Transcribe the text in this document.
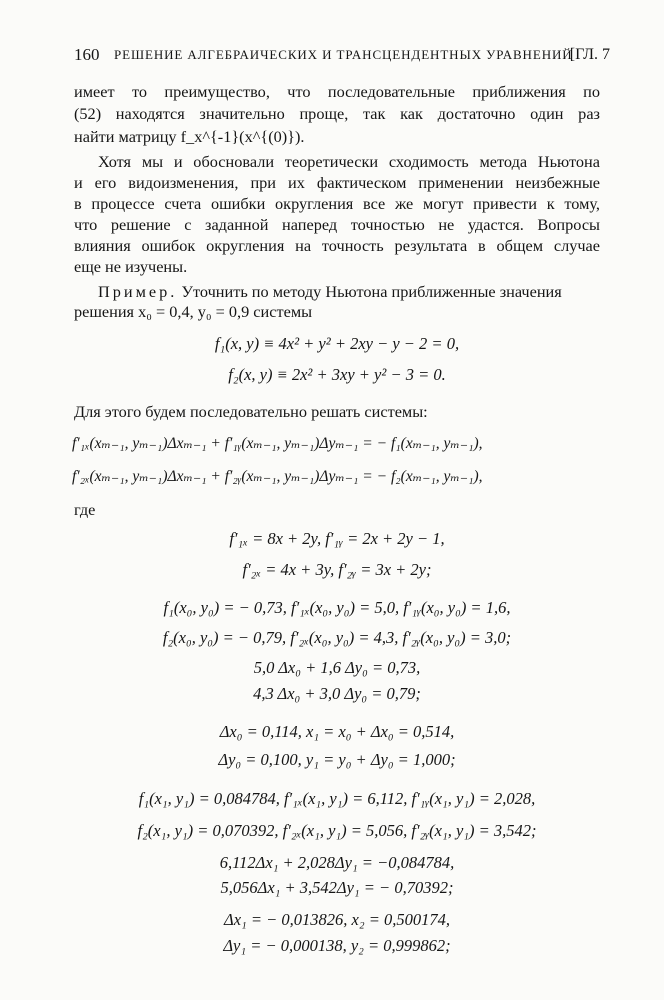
160 РЕШЕНИЕ АЛГЕБРАИЧЕСКИХ И ТРАНСЦЕНДЕНТНЫХ УРАВНЕНИЙ
[ГЛ. 7
имеет то преимущество, что последовательные приближения по
(52) находятся значительно проще, так как достаточно один раз
найти матрицу f_x^{-1}(x^{(0)}).
Хотя мы и обосновали теоретически сходимость метода Ньютона
и его видоизменения, при их фактическом применении неизбежные
в процессе счета ошибки округления все же могут привести к тому,
что решение с заданной наперед точностью не удастся. Вопросы
влияния ошибок округления на точность результата в общем случае
еще не изучены.
Пример. Уточнить по методу Ньютона приближенные значения
решения x₀ = 0,4, y₀ = 0,9 системы
f₁(x, y) ≡ 4x² + y² + 2xy − y − 2 = 0,
f₂(x, y) ≡ 2x² + 3xy + y² − 3 = 0.
Для этого будем последовательно решать системы:
f′₁ₓ(xₘ₋₁, yₘ₋₁)Δxₘ₋₁ + f′₁ᵧ(xₘ₋₁, yₘ₋₁)Δyₘ₋₁ = − f₁(xₘ₋₁, yₘ₋₁),
f′₂ₓ(xₘ₋₁, yₘ₋₁)Δxₘ₋₁ + f′₂ᵧ(xₘ₋₁, yₘ₋₁)Δyₘ₋₁ = − f₂(xₘ₋₁, yₘ₋₁),
где
f′₁ₓ = 8x + 2y, f′₁ᵧ = 2x + 2y − 1,
f′₂ₓ = 4x + 3y, f′₂ᵧ = 3x + 2y;
f₁(x₀, y₀) = − 0,73, f′₁ₓ(x₀, y₀) = 5,0, f′₁ᵧ(x₀, y₀) = 1,6,
f₂(x₀, y₀) = − 0,79, f′₂ₓ(x₀, y₀) = 4,3, f′₂ᵧ(x₀, y₀) = 3,0;
5,0 Δx₀ + 1,6 Δy₀ = 0,73,
4,3 Δx₀ + 3,0 Δy₀ = 0,79;
Δx₀ = 0,114, x₁ = x₀ + Δx₀ = 0,514,
Δy₀ = 0,100, y₁ = y₀ + Δy₀ = 1,000;
f₁(x₁, y₁) = 0,084784, f′₁ₓ(x₁, y₁) = 6,112, f′₁ᵧ(x₁, y₁) = 2,028,
f₂(x₁, y₁) = 0,070392, f′₂ₓ(x₁, y₁) = 5,056, f′₂ᵧ(x₁, y₁) = 3,542;
6,112Δx₁ + 2,028Δy₁ = −0,084784,
5,056Δx₁ + 3,542Δy₁ = − 0,70392;
Δx₁ = − 0,013826, x₂ = 0,500174,
Δy₁ = − 0,000138, y₂ = 0,999862;
